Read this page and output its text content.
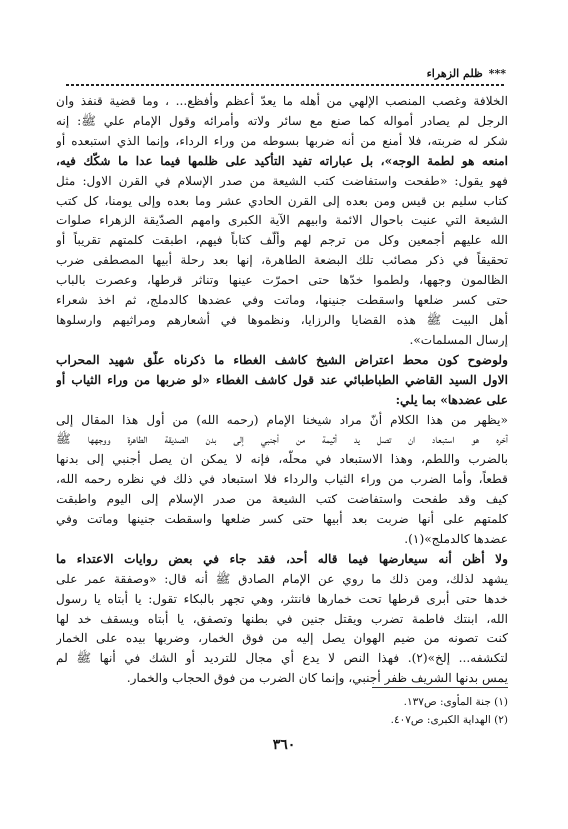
***
ظلم الزهراء
الخلافة وغصب المنصب الإلهي من أهله ما يعدّ أعظم وأفظع... ، وما قضية قنفذ وان
الرجل لم يصادر أمواله كما صنع مع سائر ولاته وأمرائه وقول الإمام علي ﷺ: إنه
شكر له ضربته، فلا أمنع من أنه ضربها بسوطه من وراء الرداء، وإنما الذي استبعده أو
امنعه هو لطمة الوجه»، بل عباراته تفيد التأكيد على ظلمها فيما عدا ما شكّك فيه،
فهو يقول: «طفحت واستفاضت كتب الشيعة من صدر الإسلام في القرن الاول: مثل
كتاب سليم بن قيس ومن بعده إلى القرن الحادي عشر وما بعده وإلى يومنا، كل كتب
الشيعة التي عنيت باحوال الائمة وابيهم الآية الكبرى وامهم الصدّيقة الزهراء صلوات
الله عليهم أجمعين وكل من ترجم لهم وألّف كتاباً فيهم، اطبقت كلمتهم تقريباً أو
تحقيقاً في ذكر مصائب تلك البضعة الطاهرة، إنها بعد رحلة أبيها المصطفى ضرب
الظالمون وجهها، ولطموا خدّها حتى احمرّت عينها وتناثر قرطها، وعصرت بالباب
حتى كسر ضلعها واسقطت جنينها، وماتت وفي عضدها كالدملج، ثم اخذ شعراء
أهل البيت ﷺ هذه القضايا والرزايا، ونظموها في أشعارهم ومراثيهم وارسلوها
إرسال المسلمات».
ولوضوح كون محط اعتراض الشيخ كاشف الغطاء ما ذكرناه علّق شهيد المحراب
الاول السيد القاضي الطباطبائي عند قول كاشف الغطاء «لو ضربها من وراء الثياب أو
على عضدها» بما يلي:
«يظهر من هذا الكلام أنّ مراد شيخنا الإمام (رحمه الله) من أول هذا المقال إلى
آخره هو استبعاد ان تصل يد أثيمة من أجنبي إلى بدن الصديقة الطاهرة ووجهها ﷺ
بالضرب واللطم، وهذا الاستبعاد في محلّه، فإنه لا يمكن ان يصل أجنبي إلى بدنها
قطعاً، وأما الضرب من وراء الثياب والرداء فلا استبعاد في ذلك في نظره رحمه الله،
كيف وقد طفحت واستفاضت كتب الشيعة من صدر الإسلام إلى اليوم واطبقت
كلمتهم على أنها ضربت بعد أبيها حتى كسر ضلعها واسقطت جنينها وماتت وفي
عضدها كالدملج»(١).
ولا أظن أنه سيعارضها فيما قاله أحد، فقد جاء في بعض روايات الاعتداء ما
يشهد لذلك، ومن ذلك ما روي عن الإمام الصادق ﷺ أنه قال: «وصفقة عمر على
خدها حتى أبرى قرطها تحت خمارها فانتثر، وهي تجهر بالبكاء تقول: يا أبتاه يا رسول
الله، ابنتك فاطمة تضرب ويقتل جنين في بطنها وتصفق، يا أبتاه ويسقف خد لها
كنت تصونه من ضيم الهوان يصل إليه من فوق الخمار، وضربها بيده على الخمار
لتكشفه... إلخ»(٢). فهذا النص لا يدع أي مجال للترديد أو الشك في أنها ﷺ لم
يمس بدنها الشريف ظفر أجنبي، وإنما كان الضرب من فوق الحجاب والخمار.
(١) جنة المأوى: ص١٣٧.
(٢) الهداية الكبرى: ص٤٠٧.
٣٦٠
